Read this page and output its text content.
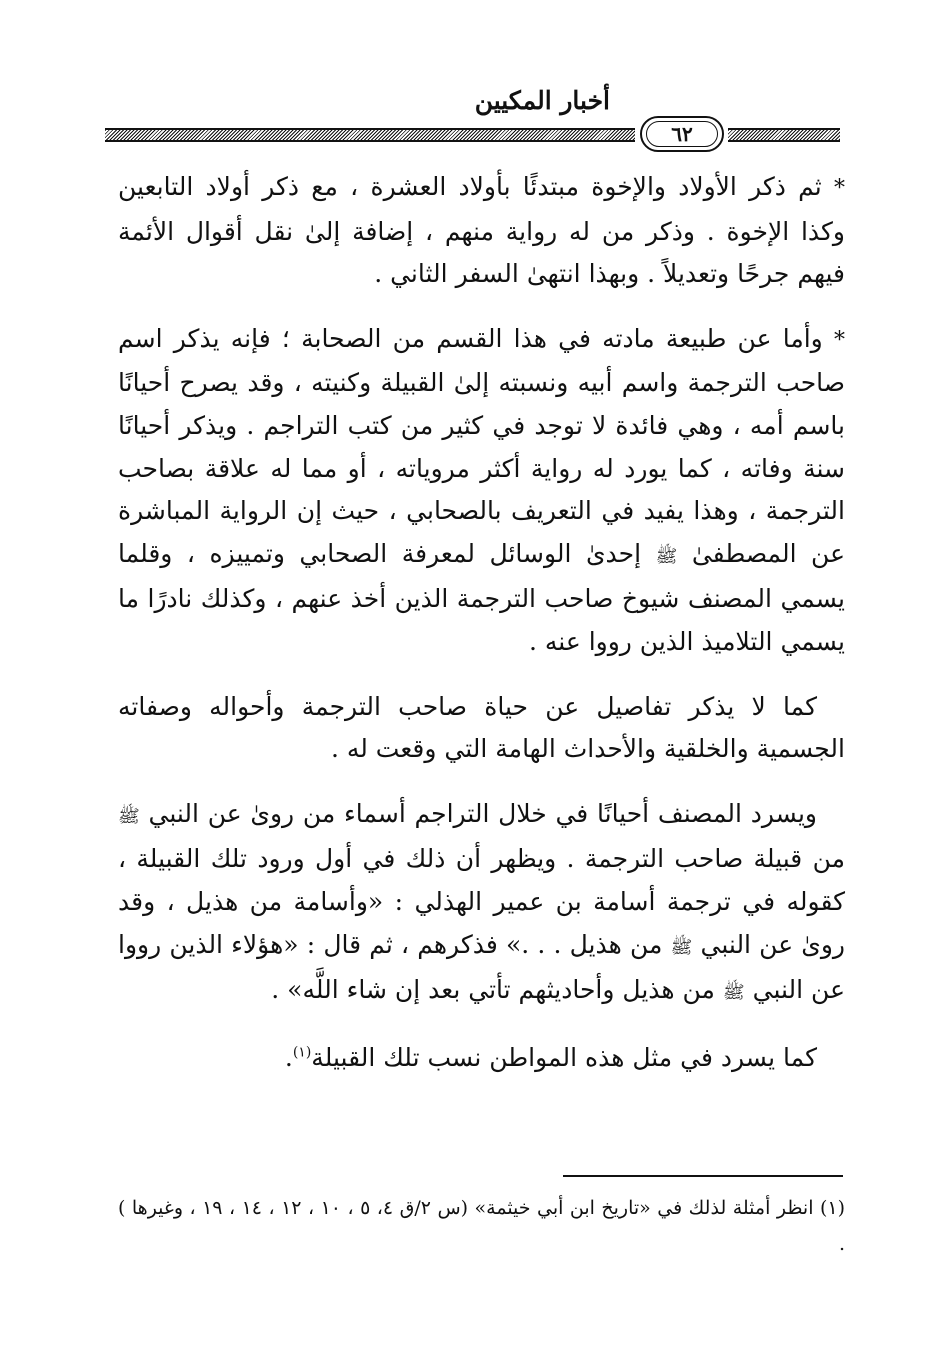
أخبار المكيين
٦٢

* ثم ذكر الأولاد والإخوة مبتدئًا بأولاد العشرة ، مع ذكر أولاد التابعين وكذا الإخوة . وذكر من له رواية منهم ، إضافة إلىٰ نقل أقوال الأئمة فيهم جرحًا وتعديلاً . وبهذا انتهىٰ السفر الثاني .

* وأما عن طبيعة مادته في هذا القسم من الصحابة ؛ فإنه يذكر اسم صاحب الترجمة واسم أبيه ونسبته إلىٰ القبيلة وكنيته ، وقد يصرح أحيانًا باسم أمه ، وهي فائدة لا توجد في كثير من كتب التراجم . ويذكر أحيانًا سنة وفاته ، كما يورد له رواية أكثر مروياته ، أو مما له علاقة بصاحب الترجمة ، وهذا يفيد في التعريف بالصحابي ، حيث إن الرواية المباشرة عن المصطفىٰ ﷺ إحدىٰ الوسائل لمعرفة الصحابي وتمييزه ، وقلما يسمي المصنف شيوخ صاحب الترجمة الذين أخذ عنهم ، وكذلك نادرًا ما يسمي التلاميذ الذين رووا عنه .

كما لا يذكر تفاصيل عن حياة صاحب الترجمة وأحواله وصفاته الجسمية والخلقية والأحداث الهامة التي وقعت له .

ويسرد المصنف أحيانًا في خلال التراجم أسماء من روىٰ عن النبي ﷺ من قبيلة صاحب الترجمة . ويظهر أن ذلك في أول ورود تلك القبيلة ، كقوله في ترجمة أسامة بن عمير الهذلي : «وأسامة من هذيل ، وقد روىٰ عن النبي ﷺ من هذيل . . .» فذكرهم ، ثم قال : «هؤلاء الذين رووا عن النبي ﷺ من هذيل وأحاديثهم تأتي بعد إن شاء اللَّه» .

كما يسرد في مثل هذه المواطن نسب تلك القبيلة$^{(١)}$.

(١) انظر أمثلة لذلك في «تاريخ ابن أبي خيثمة» (س ٢/ق ٤، ٥ ، ١٠ ، ١٢ ، ١٤ ، ١٩ ، وغيرها ) .
